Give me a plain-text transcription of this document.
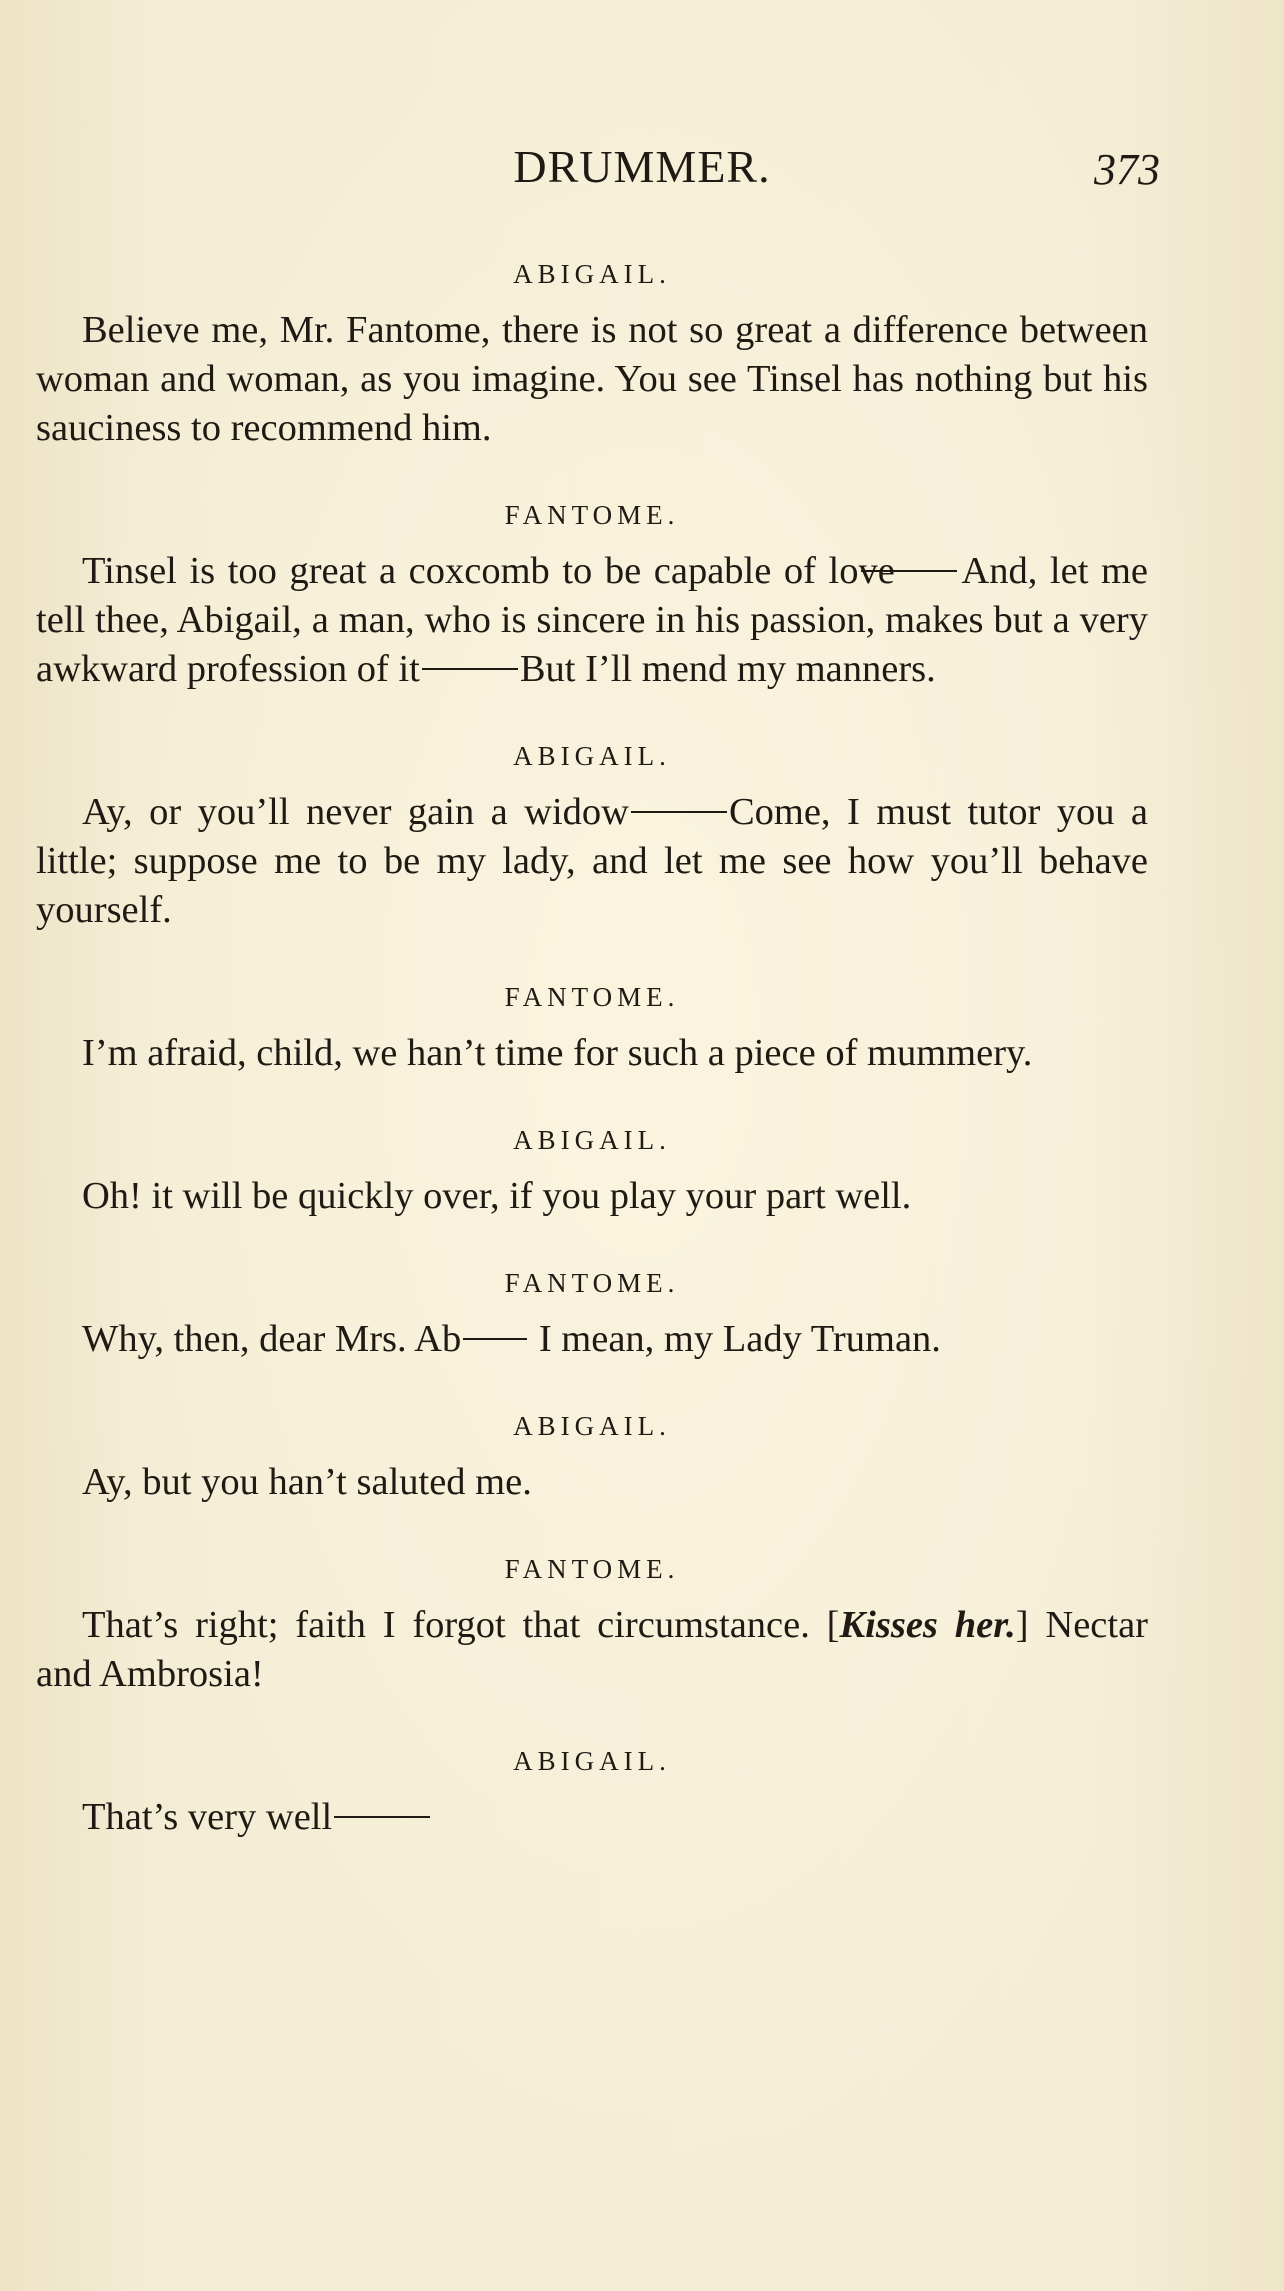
DRUMMER.	373
ABIGAIL.

Believe me, Mr. Fantome, there is not so great a difference between woman and woman, as you imagine. You see Tinsel has nothing but his sauciness to recommend him.

FANTOME.

Tinsel is too great a coxcomb to be capable of love And, let me tell thee, Abigail, a man, who is sincere in his passion, makes but a very awkward profession of it	But I’ll mend my manners.

ABIGAIL.

Ay, or you’ll never gain a widow	Come, I must tutor you a little; suppose me to be my lady, and let me see how you’ll behave yourself.

FANTOME.

I’m afraid, child, we han’t time for such a piece of mummery.

ABIGAIL.

Oh! it will be quickly over, if you play your part well.

FANTOME.

Why, then, dear Mrs. Ab I mean, my Lady Truman.

ABIGAIL.

Ay, but you han’t saluted me.

FANTOME.

That’s right; faith I forgot that circumstance. [Kisses her.] Nectar and Ambrosia!

ABIGAIL.

That’s very well
